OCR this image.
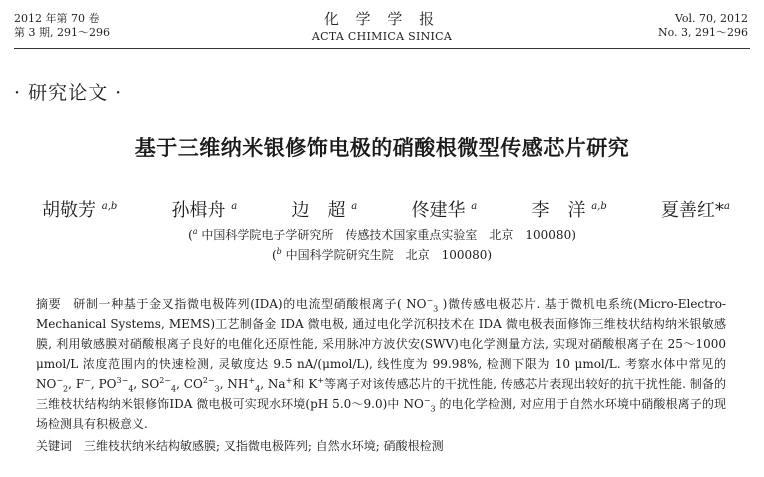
2012 年第 70 卷
第 3 期, 291～296
化 学 学 报
ACTA CHIMICA SINICA
Vol. 70, 2012
No. 3, 291～296
· 研究论文 ·
基于三维纳米银修饰电极的硝酸根微型传感芯片研究
胡敬芳 $^{a,b}$	孙楫舟 $^a$	边　超 $^a$	佟建华 $^a$	李　洋 $^{a,b}$	夏善红*$^a$
($^a$ 中国科学院电子学研究所　传感技术国家重点实验室　北京　100080)
($^b$ 中国科学院研究生院　北京　100080)
摘要 研制一种基于金叉指微电极阵列(IDA)的电流型硝酸根离子( $NO^-_3$ )微传感电极芯片. 基于微机电系统(Micro-Electro-Mechanical Systems, MEMS)工艺制备金 IDA 微电极, 通过电化学沉积技术在 IDA 微电极表面修饰三维枝状结构纳米银敏感膜, 利用敏感膜对硝酸根离子良好的电催化还原性能, 采用脉冲方波伏安(SWV)电化学测量方法, 实现对硝酸根离子在 25～1000 μmol/L 浓度范围内的快速检测, 灵敏度达 9.5 nA/(μmol/L), 线性度为 99.98%, 检测下限为 10 μmol/L. 考察水体中常见的 $NO^-_2$, F−, $PO^{3-}_4$, $SO^{2-}_4$, $CO^{2-}_3$, $NH^+_4$, Na+和 K+等离子对该传感芯片的干扰性能, 传感芯片表现出较好的抗干扰性能. 制备的三维枝状结构纳米银修饰IDA 微电极可实现水环境(pH 5.0～9.0)中 $NO^-_3$ 的电化学检测, 对应用于自然水环境中硝酸根离子的现场检测具有积极意义.
关键词 三维枝状纳米结构敏感膜; 叉指微电极阵列; 自然水环境; 硝酸根检测
